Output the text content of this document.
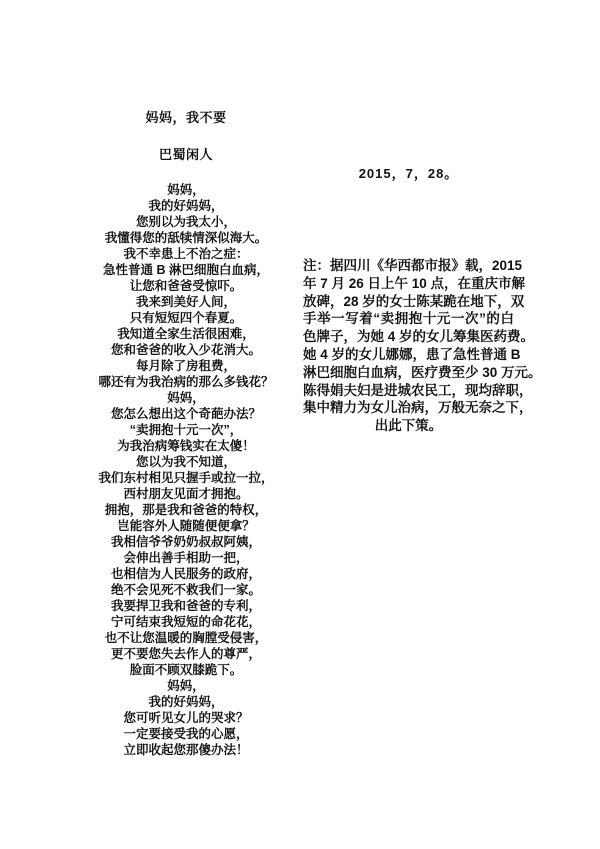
妈妈，我不要
巴蜀闲人
妈妈，
我的好妈妈，
您别以为我太小，
我懂得您的舐犊情深似海大。
我不幸患上不治之症：
急性普通 B 淋巴细胞白血病，
让您和爸爸受惊吓。
我来到美好人间，
只有短短四个春夏。
我知道全家生活很困难，
您和爸爸的收入少花消大。
每月除了房租费，
哪还有为我治病的那么多钱花？
妈妈，
您怎么想出这个奇葩办法？
“卖拥抱十元一次”，
为我治病筹钱实在太傻！
您以为我不知道，
我们东村相见只握手或拉一拉，
西村朋友见面才拥抱。
拥抱，那是我和爸爸的特权，
岂能容外人随随便便拿？
我相信爷爷奶奶叔叔阿姨，
会伸出善手相助一把，
也相信为人民服务的政府，
绝不会见死不救我们一家。
我要捍卫我和爸爸的专利，
宁可结束我短短的命花花，
也不让您温暖的胸膛受侵害，
更不要您失去作人的尊严，
脸面不顾双膝跪下。
妈妈，
我的好妈妈，
您可听见女儿的哭求？
一定要接受我的心愿，
立即收起您那傻办法！
2015，7，28。
注：据四川《华西都市报》载，2015
年 7 月 26 日上午 10 点，在重庆市解
放碑，28 岁的女士陈某跪在地下，双
手举一写着“卖拥抱十元一次”的白
色牌子，为她 4 岁的女儿筹集医药费。
她 4 岁的女儿娜娜，患了急性普通 B
淋巴细胞白血病，医疗费至少 30 万元。
陈得娟夫妇是进城农民工，现均辞职，
集中精力为女儿治病，万般无奈之下，
出此下策。
